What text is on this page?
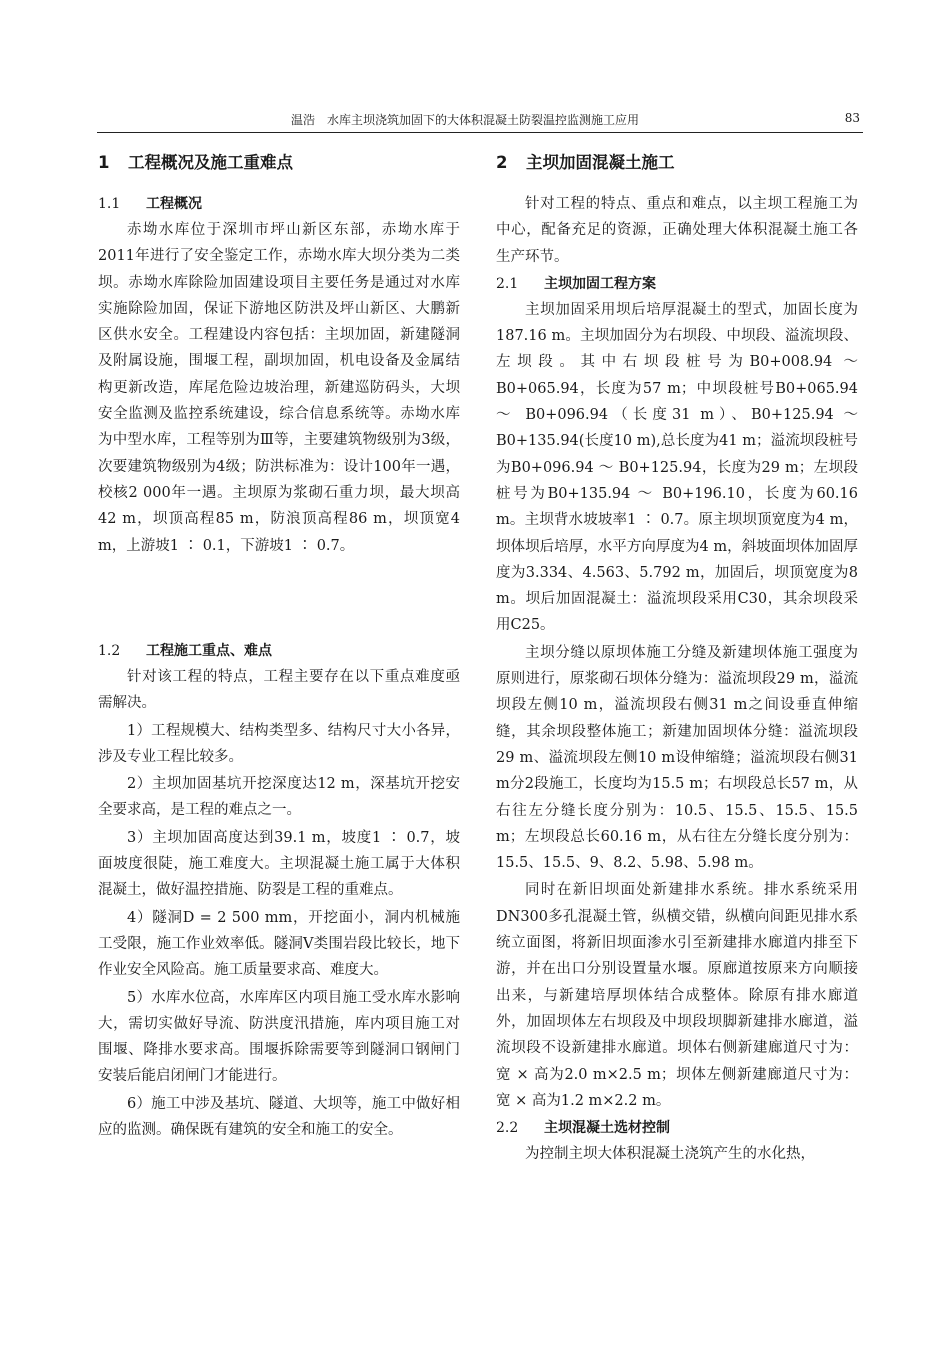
温浩　水库主坝浇筑加固下的大体积混凝土防裂温控监测施工应用	83
1 工程概况及施工重难点
1.1 工程概况

赤坳水库位于深圳市坪山新区东部，赤坳水库于2011年进行了安全鉴定工作，赤坳水库大坝分类为二类坝。赤坳水库除险加固建设项目主要任务是通过对水库实施除险加固，保证下游地区防洪及坪山新区、大鹏新区供水安全。工程建设内容包括：主坝加固，新建隧洞及附属设施，围堰工程，副坝加固，机电设备及金属结构更新改造，库尾危险边坡治理，新建巡防码头，大坝安全监测及监控系统建设，综合信息系统等。赤坳水库为中型水库，工程等别为Ⅲ等，主要建筑物级别为3级，次要建筑物级别为4级；防洪标准为：设计100年一遇，校核2 000年一遇。主坝原为浆砌石重力坝，最大坝高42 m，坝顶高程85 m，防浪顶高程86 m，坝顶宽4 m，上游坡1 ∶ 0.1，下游坡1 ∶ 0.7。

1.2 工程施工重点、难点

针对该工程的特点，工程主要存在以下重点难度亟需解决。

1）工程规模大、结构类型多、结构尺寸大小各异，涉及专业工程比较多。

2）主坝加固基坑开挖深度达12 m，深基坑开挖安全要求高，是工程的难点之一。

3）主坝加固高度达到39.1 m，坡度1 ∶ 0.7，坡面坡度很陡，施工难度大。主坝混凝土施工属于大体积混凝土，做好温控措施、防裂是工程的重难点。

4）隧洞D = 2 500 mm，开挖面小，洞内机械施工受限，施工作业效率低。隧洞Ⅴ类围岩段比较长，地下作业安全风险高。施工质量要求高、难度大。

5）水库水位高，水库库区内项目施工受水库水影响大，需切实做好导流、防洪度汛措施，库内项目施工对围堰、降排水要求高。围堰拆除需要等到隧洞口钢闸门安装后能启闭闸门才能进行。

6）施工中涉及基坑、隧道、大坝等，施工中做好相应的监测。确保既有建筑的安全和施工的安全。

2 主坝加固混凝土施工

针对工程的特点、重点和难点，以主坝工程施工为中心，配备充足的资源，正确处理大体积混凝土施工各生产环节。

2.1 主坝加固工程方案

主坝加固采用坝后培厚混凝土的型式，加固长度为187.16 m。主坝加固分为右坝段、中坝段、溢流坝段、左坝段。其中右坝段桩号为B0+008.94 ～ B0+065.94，长度为57 m；中坝段桩号B0+065.94 ～ B0+096.94（长度31 m）、B0+125.94 ～ B0+135.94(长度10 m),总长度为41 m；溢流坝段桩号为B0+096.94 ～ B0+125.94，长度为29 m；左坝段桩号为B0+135.94 ～ B0+196.10，长度为60.16 m。主坝背水坡坡率1 ∶ 0.7。原主坝坝顶宽度为4 m，坝体坝后培厚，水平方向厚度为4 m，斜坡面坝体加固厚度为3.334、4.563、5.792 m，加固后，坝顶宽度为8 m。坝后加固混凝土：溢流坝段采用C30，其余坝段采用C25。

主坝分缝以原坝体施工分缝及新建坝体施工强度为原则进行，原浆砌石坝体分缝为：溢流坝段29 m，溢流坝段左侧10 m，溢流坝段右侧31 m之间设垂直伸缩缝，其余坝段整体施工；新建加固坝体分缝：溢流坝段29 m、溢流坝段左侧10 m设伸缩缝；溢流坝段右侧31 m分2段施工，长度均为15.5 m；右坝段总长57 m，从右往左分缝长度分别为：10.5、15.5、15.5、15.5 m；左坝段总长60.16 m，从右往左分缝长度分别为：15.5、15.5、9、8.2、5.98、5.98 m。

同时在新旧坝面处新建排水系统。排水系统采用DN300多孔混凝土管，纵横交错，纵横向间距见排水系统立面图，将新旧坝面渗水引至新建排水廊道内排至下游，并在出口分别设置量水堰。原廊道按原来方向顺接出来，与新建培厚坝体结合成整体。除原有排水廊道外，加固坝体左右坝段及中坝段坝脚新建排水廊道，溢流坝段不设新建排水廊道。坝体右侧新建廊道尺寸为：宽 × 高为2.0 m×2.5 m；坝体左侧新建廊道尺寸为：宽 × 高为1.2 m×2.2 m。

2.2 主坝混凝土选材控制

为控制主坝大体积混凝土浇筑产生的水化热，
